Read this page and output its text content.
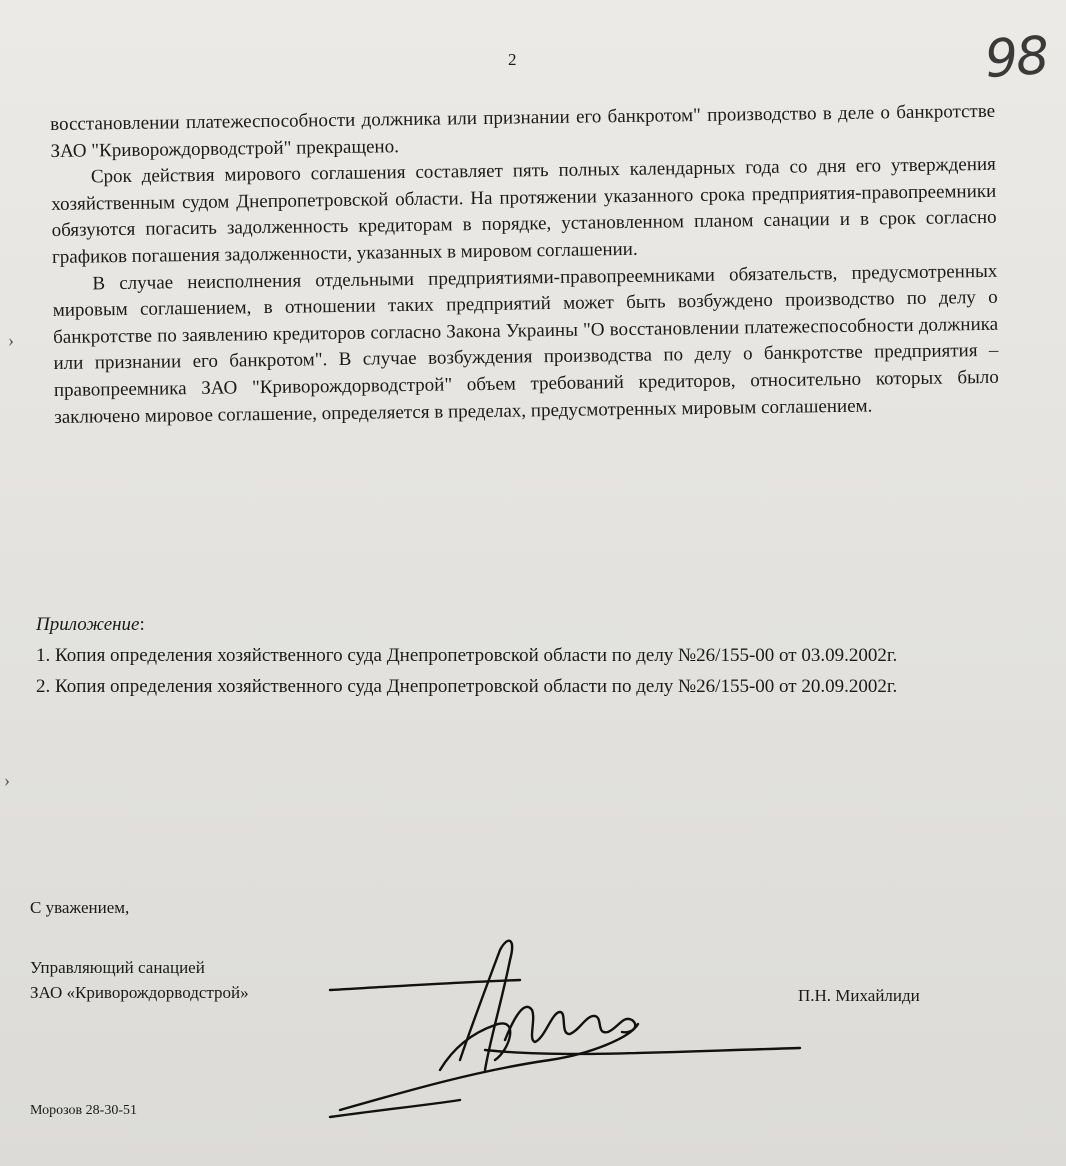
›
›
2	98

восстановлении платежеспособности должника или признании его банкротом" производство в деле о банкротстве ЗАО "Криворождорводстрой" прекращено.

Срок действия мирового соглашения составляет пять полных календарных года со дня его утверждения хозяйственным судом Днепропетровской области. На протяжении указанного срока предприятия-правопреемники обязуются погасить задолженность кредиторам в порядке, установленном планом санации и в срок согласно графиков погашения задолженности, указанных в мировом соглашении.

В случае неисполнения отдельными предприятиями-правопреемниками обязательств, предусмотренных мировым соглашением, в отношении таких предприятий может быть возбуждено производство по делу о банкротстве по заявлению кредиторов согласно Закона Украины "О восстановлении платежеспособности должника или признании его банкротом". В случае возбуждения производства по делу о банкротстве предприятия – правопреемника ЗАО "Криворождорводстрой" объем требований кредиторов, относительно которых было заключено мировое соглашение, определяется в пределах, предусмотренных мировым соглашением.

Приложение:
1. Копия определения хозяйственного суда Днепропетровской области по делу №26/155-00 от 03.09.2002г.
2. Копия определения хозяйственного суда Днепропетровской области по делу №26/155-00 от 20.09.2002г.
С уважением,
Управляющий санацией
ЗАО «Криворождорводстрой»	П.Н. Михайлиди
Морозов 28-30-51
